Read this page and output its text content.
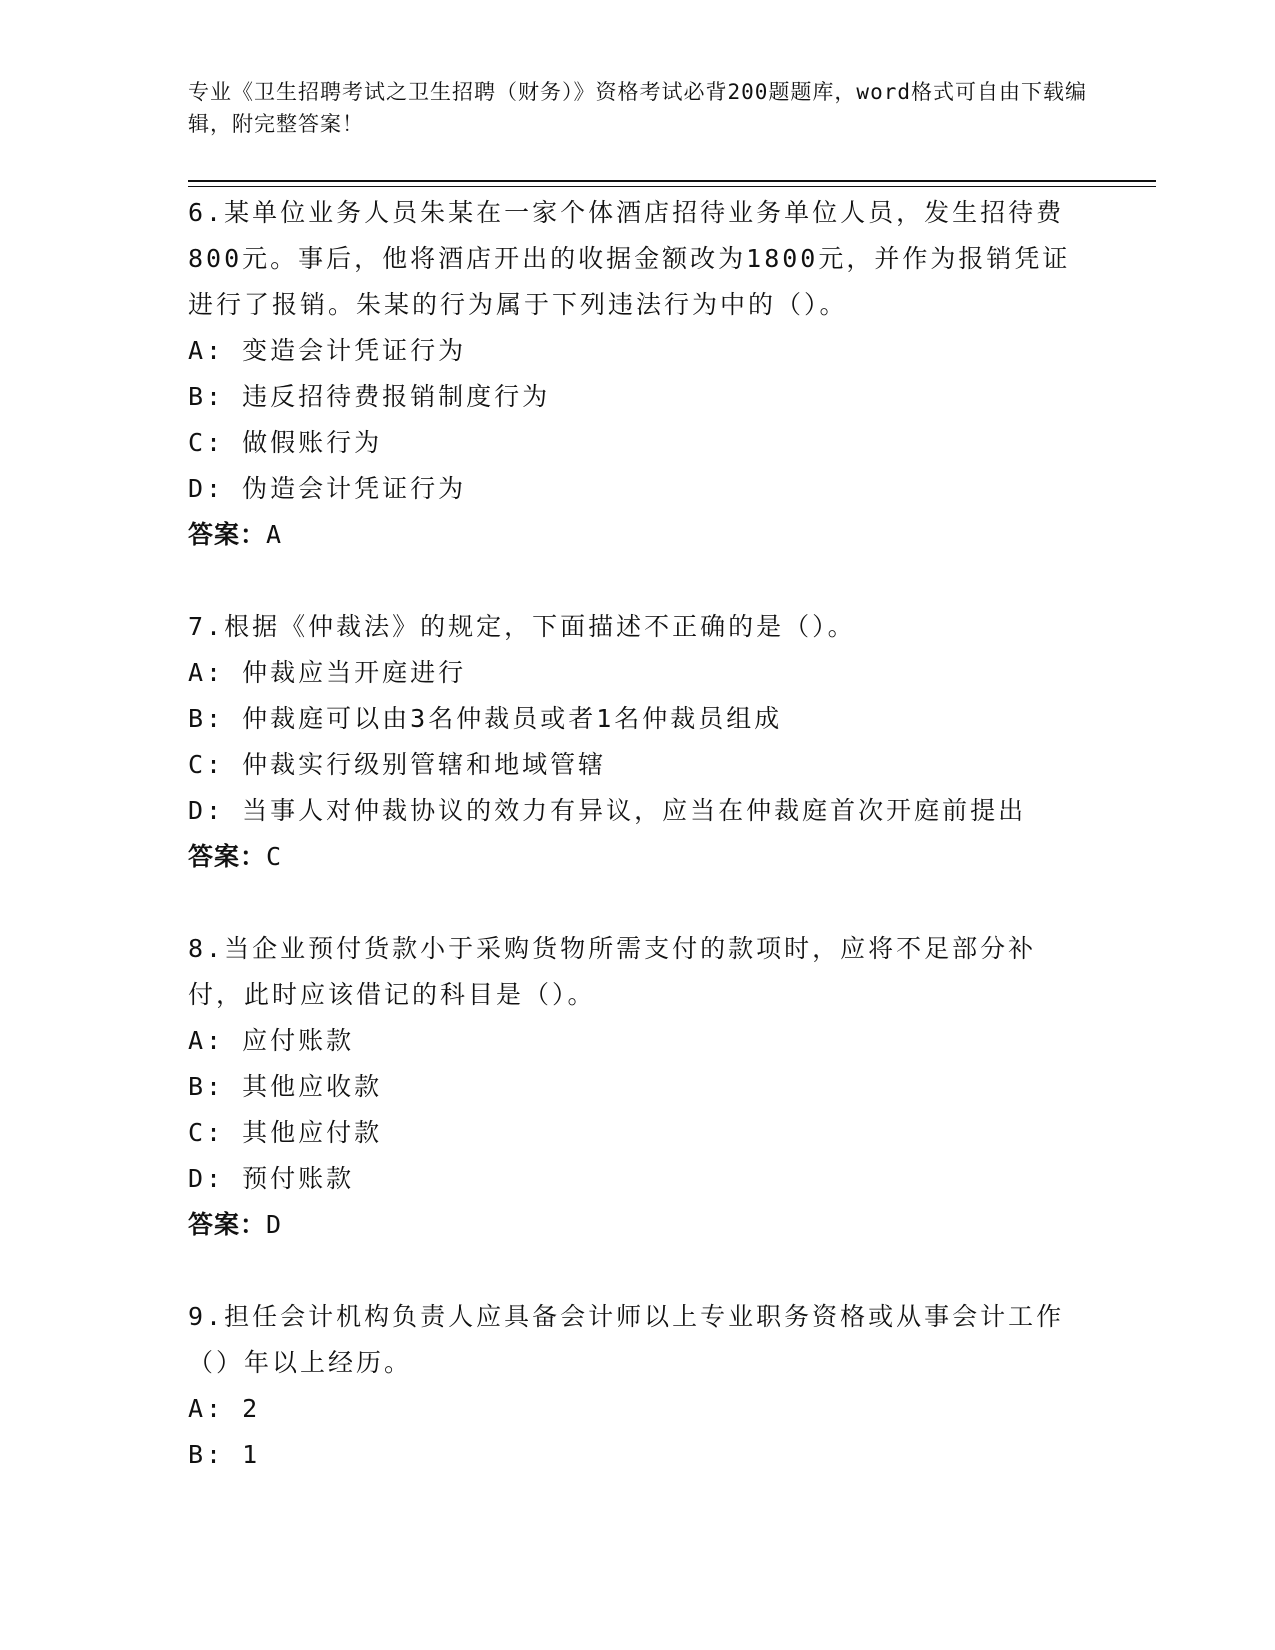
专业《卫生招聘考试之卫生招聘（财务）》资格考试必背200题题库，word格式可自由下载编辑，附完整答案！

6.某单位业务人员朱某在一家个体酒店招待业务单位人员，发生招待费800元。事后，他将酒店开出的收据金额改为1800元，并作为报销凭证进行了报销。朱某的行为属于下列违法行为中的（）。

A: 变造会计凭证行为
B: 违反招待费报销制度行为
C: 做假账行为
D: 伪造会计凭证行为
答案：A

7.根据《仲裁法》的规定，下面描述不正确的是（）。

A: 仲裁应当开庭进行
B: 仲裁庭可以由3名仲裁员或者1名仲裁员组成
C: 仲裁实行级别管辖和地域管辖
D: 当事人对仲裁协议的效力有异议，应当在仲裁庭首次开庭前提出
答案：C

8.当企业预付货款小于采购货物所需支付的款项时，应将不足部分补付，此时应该借记的科目是（）。

A: 应付账款
B: 其他应收款
C: 其他应付款
D: 预付账款
答案：D

9.担任会计机构负责人应具备会计师以上专业职务资格或从事会计工作（）年以上经历。

A: 2
B: 1
